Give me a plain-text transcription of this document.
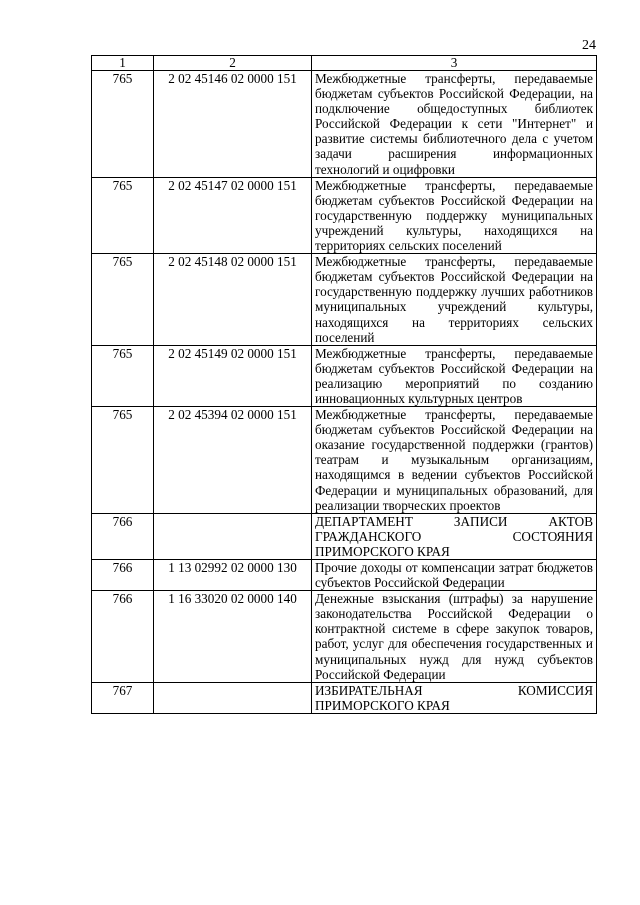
24
1	2	3
765	2 02 45146 02 0000 151	Межбюджетные трансферты, передаваемые бюджетам субъектов Российской Федерации, на подключение общедоступных библиотек Российской Федерации к сети "Интернет" и развитие системы библиотечного дела с учетом задачи расширения информационных технологий и оцифровки
765	2 02 45147 02 0000 151	Межбюджетные трансферты, передаваемые бюджетам субъектов Российской Федерации на государственную поддержку муниципальных учреждений культуры, находящихся на территориях сельских поселений
765	2 02 45148 02 0000 151	Межбюджетные трансферты, передаваемые бюджетам субъектов Российской Федерации на государственную поддержку лучших работников муниципальных учреждений культуры, находящихся на территориях сельских поселений
765	2 02 45149 02 0000 151	Межбюджетные трансферты, передаваемые бюджетам субъектов Российской Федерации на реализацию мероприятий по созданию инновационных культурных центров
765	2 02 45394 02 0000 151	Межбюджетные трансферты, передаваемые бюджетам субъектов Российской Федерации на оказание государственной поддержки (грантов) театрам и музыкальным организациям, находящимся в ведении субъектов Российской Федерации и муниципальных образований, для реализации творческих проектов
766		ДЕПАРТАМЕНТ ЗАПИСИ АКТОВ ГРАЖДАНСКОГО СОСТОЯНИЯ ПРИМОРСКОГО КРАЯ
766	1 13 02992 02 0000 130	Прочие доходы от компенсации затрат бюджетов субъектов Российской Федерации
766	1 16 33020 02 0000 140	Денежные взыскания (штрафы) за нарушение законодательства Российской Федерации о контрактной системе в сфере закупок товаров, работ, услуг для обеспечения государственных и муниципальных нужд для нужд субъектов Российской Федерации
767		ИЗБИРАТЕЛЬНАЯ КОМИССИЯ ПРИМОРСКОГО КРАЯ
